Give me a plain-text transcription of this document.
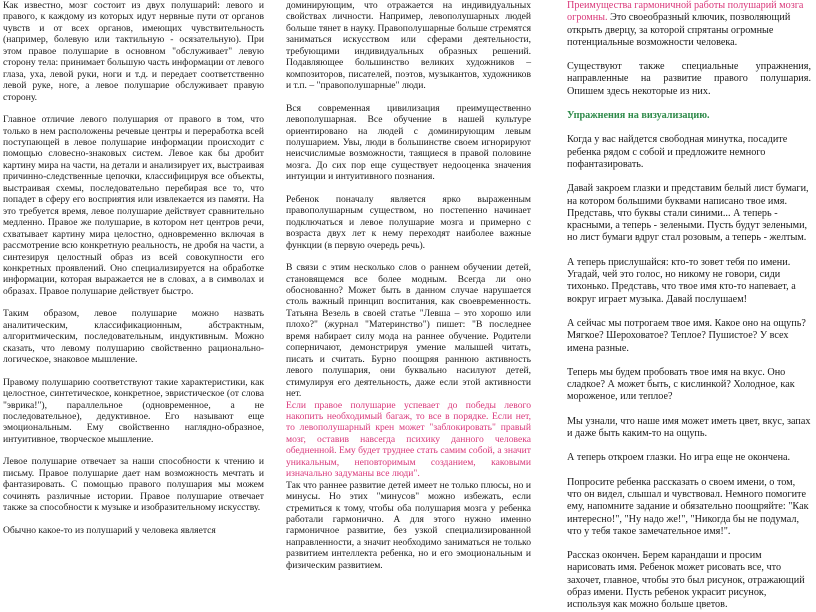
Как известно, мозг состоит из двух полушарий: левого и правого, к каждому из которых идут нервные пути от органов чувств и от всех органов, имеющих чувствительность (например, болевую или тактильную - осязательную). При этом правое полушарие в основном "обслуживает" левую сторону тела: принимает большую часть информации от левого глаза, уха, левой руки, ноги и т.д. и передает соответственно левой руке, ноге, а левое полушарие обслуживает правую сторону.

Главное отличие левого полушария от правого в том, что только в нем расположены речевые центры и переработка всей поступающей в левое полушарие информации происходит с помощью словесно-знаковых систем. Левое как бы дробит картину мира на части, на детали и анализирует их, выстраивая причинно-следственные цепочки, классифицируя все объекты, выстраивая схемы, последовательно перебирая все то, что попадет в сферу его восприятия или извлекается из памяти. На это требуется время, левое полушарие действует сравнительно медленно. Правое же полушарие, в котором нет центров речи, схватывает картину мира целостно, одновременно включая в рассмотрение всю конкретную реальность, не дробя на части, а синтезируя целостный образ из всей совокупности его конкретных проявлений. Оно специализируется на обработке информации, которая выражается не в словах, а в символах и образах. Правое полушарие действует быстро.

Таким образом, левое полушарие можно назвать аналитическим, классификационным, абстрактным, алгоритмическим, последовательным, индуктивным. Можно сказать, что левому полушарию свойственно рационально-логическое, знаковое мышление.

Правому полушарию соответствуют такие характеристики, как целостное, синтетическое, конкретное, эвристическое (от слова "эврика!"), параллельное (одновременное, а не последовательное), дедуктивное. Его называют еще эмоциональным. Ему свойственно наглядно-образное, интуитивное, творческое мышление.

Левое полушарие отвечает за наши способности к чтению и письму. Правое полушарие дает нам возможность мечтать и фантазировать. С помощью правого полушария мы можем сочинять различные истории. Правое полушарие отвечает также за способности к музыке и изобразительному искусству.

Обычно какое-то из полушарий у человека является

доминирующим, что отражается на индивидуальных свойствах личности. Например, левополушарных людей больше тянет в науку. Правополушарные больше стремятся заниматься искусством или сферами деятельности, требующими индивидуальных образных решений. Подавляющее большинство великих художников – композиторов, писателей, поэтов, музыкантов, художников и т.п. – "правополушарные" люди.

Вся современная цивилизация преимущественно левополушарная. Все обучение в нашей культуре ориентировано на людей с доминирующим левым полушарием. Увы, люди в большинстве своем игнорируют неисчислимые возможности, таящиеся в правой половине мозга. До сих пор еще существует недооценка значения интуиции и интуитивного познания.

Ребенок поначалу является ярко выраженным правополушарным существом, но постепенно начинает подключаться и левое полушарие мозга и примерно с возраста двух лет к нему переходят наиболее важные функции (в первую очередь речь).

В связи с этим несколько слов о раннем обучении детей, становящемся все более модным. Всегда ли оно обоснованно? Может быть в данном случае нарушается столь важный принцип воспитания, как своевременность. Татьяна Везель в своей статье "Левша – это хорошо или плохо?" (журнал "Материнство") пишет: "В последнее время набирает силу мода на раннее обучение. Родители соперничают, демонстрируя умение малышей читать, писать и считать. Бурно поощряя раннюю активность левого полушария, они буквально насилуют детей, стимулируя его деятельность, даже если этой активности нет.

Если правое полушарие успевает до победы левого накопить необходимый багаж, то все в порядке. Если нет, то левополушарный крен может "заблокировать" правый мозг, оставив навсегда психику данного человека обедненной. Ему будет труднее стать самим собой, а значит уникальным, неповторимым созданием, каковыми изначально задуманы все люди".

Так что раннее развитие детей имеет не только плюсы, но и минусы. Но этих "минусов" можно избежать, если стремиться к тому, чтобы оба полушария мозга у ребенка работали гармонично. А для этого нужно именно гармоничное развитие, без узкой специализированной направленности, а значит необходимо заниматься не только развитием интеллекта ребенка, но и его эмоциональным и физическим развитием.

Преимущества гармоничной работы полушарий мозга огромны. Это своеобразный ключик, позволяющий открыть дверцу, за которой спрятаны огромные потенциальные возможности человека.

Существуют также специальные упражнения, направленные на развитие правого полушария. Опишем здесь некоторые из них.

Упражнения на визуализацию.

Когда у вас найдется свободная минутка, посадите ребенка рядом с собой и предложите немного пофантазировать.

Давай закроем глазки и представим белый лист бумаги, на котором большими буквами написано твое имя. Представь, что буквы стали синими... А теперь - красными, а теперь - зелеными. Пусть будут зелеными, но лист бумаги вдруг стал розовым, а теперь - желтым.

А теперь прислушайся: кто-то зовет тебя по имени. Угадай, чей это голос, но никому не говори, сиди тихонько. Представь, что твое имя кто-то напевает, а вокруг играет музыка. Давай послушаем!

А сейчас мы потрогаем твое имя. Какое оно на ощупь? Мягкое? Шероховатое? Теплое? Пушистое? У всех имена разные.

Теперь мы будем пробовать твое имя на вкус. Оно сладкое? А может быть, с кислинкой? Холодное, как мороженое, или теплое?

Мы узнали, что наше имя может иметь цвет, вкус, запах и даже быть каким-то на ощупь.

А теперь откроем глазки. Но игра еще не окончена.

Попросите ребенка рассказать о своем имени, о том, что он видел, слышал и чувствовал. Немного помогите ему, напомните задание и обязательно поощряйте: "Как интересно!", "Ну надо же!", "Никогда бы не подумал, что у тебя такое замечательное имя!".

Рассказ окончен. Берем карандаши и просим нарисовать имя. Ребенок может рисовать все, что захочет, главное, чтобы это был рисунок, отражающий образ имени. Пусть ребенок украсит рисунок, используя как можно больше цветов.
